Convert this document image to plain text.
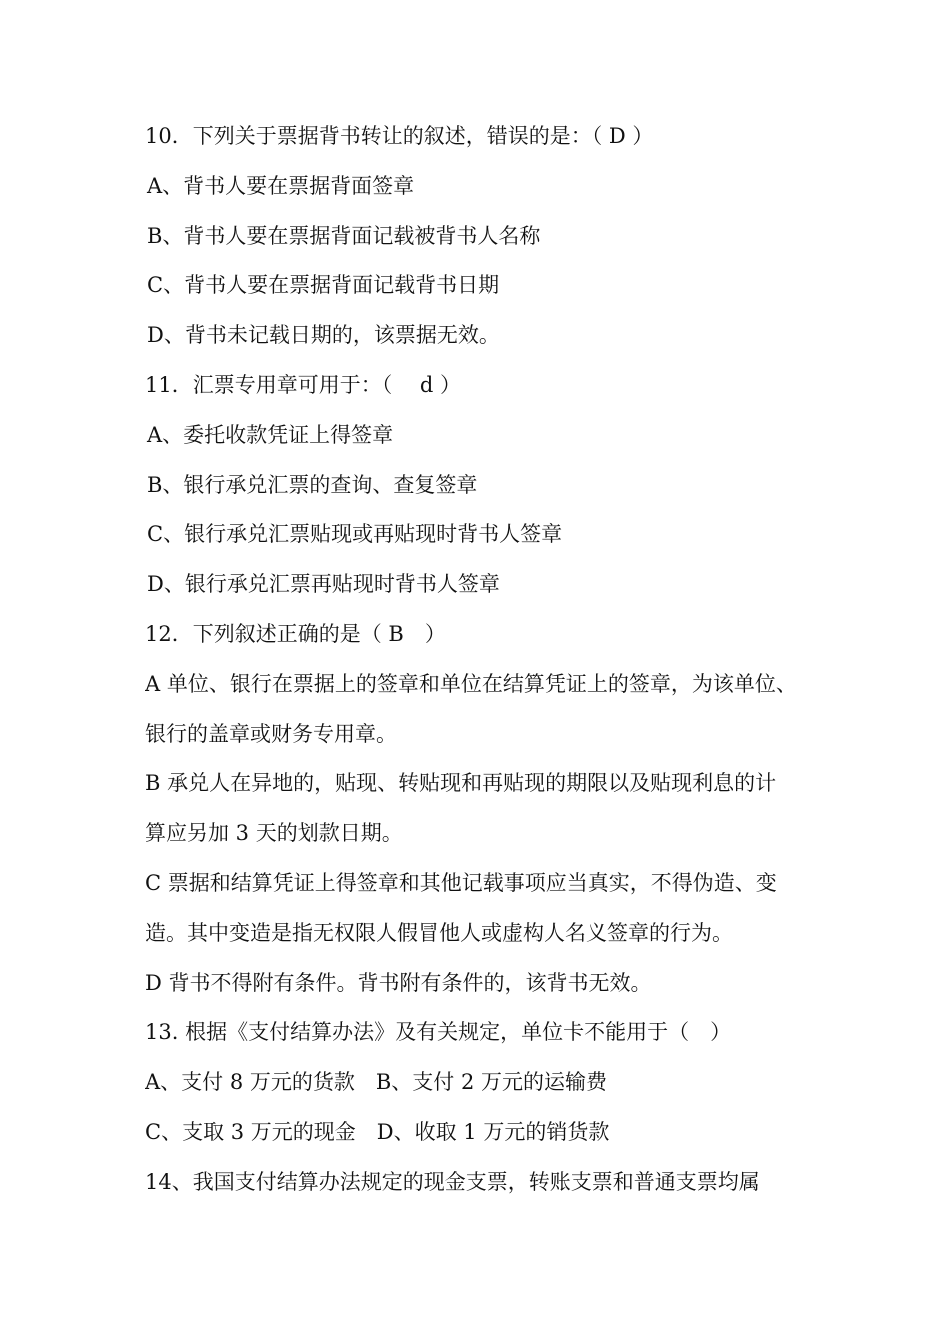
10．下列关于票据背书转让的叙述，错误的是：（ D ）
A、背书人要在票据背面签章
B、背书人要在票据背面记载被背书人名称
C、背书人要在票据背面记载背书日期
D、背书未记载日期的，该票据无效。
11．汇票专用章可用于：（　 d ）
A、委托收款凭证上得签章
B、银行承兑汇票的查询、查复签章
C、银行承兑汇票贴现或再贴现时背书人签章
D、银行承兑汇票再贴现时背书人签章
12．下列叙述正确的是（ B　）
A 单位、银行在票据上的签章和单位在结算凭证上的签章，为该单位、
银行的盖章或财务专用章。
B 承兑人在异地的，贴现、转贴现和再贴现的期限以及贴现利息的计
算应另加 3 天的划款日期。
C 票据和结算凭证上得签章和其他记载事项应当真实，不得伪造、变
造。其中变造是指无权限人假冒他人或虚构人名义签章的行为。
D 背书不得附有条件。背书附有条件的，该背书无效。
13. 根据《支付结算办法》及有关规定，单位卡不能用于（　）
A、支付 8 万元的货款　B、支付 2 万元的运输费
C、支取 3 万元的现金　D、收取 1 万元的销货款
14、我国支付结算办法规定的现金支票，转账支票和普通支票均属
